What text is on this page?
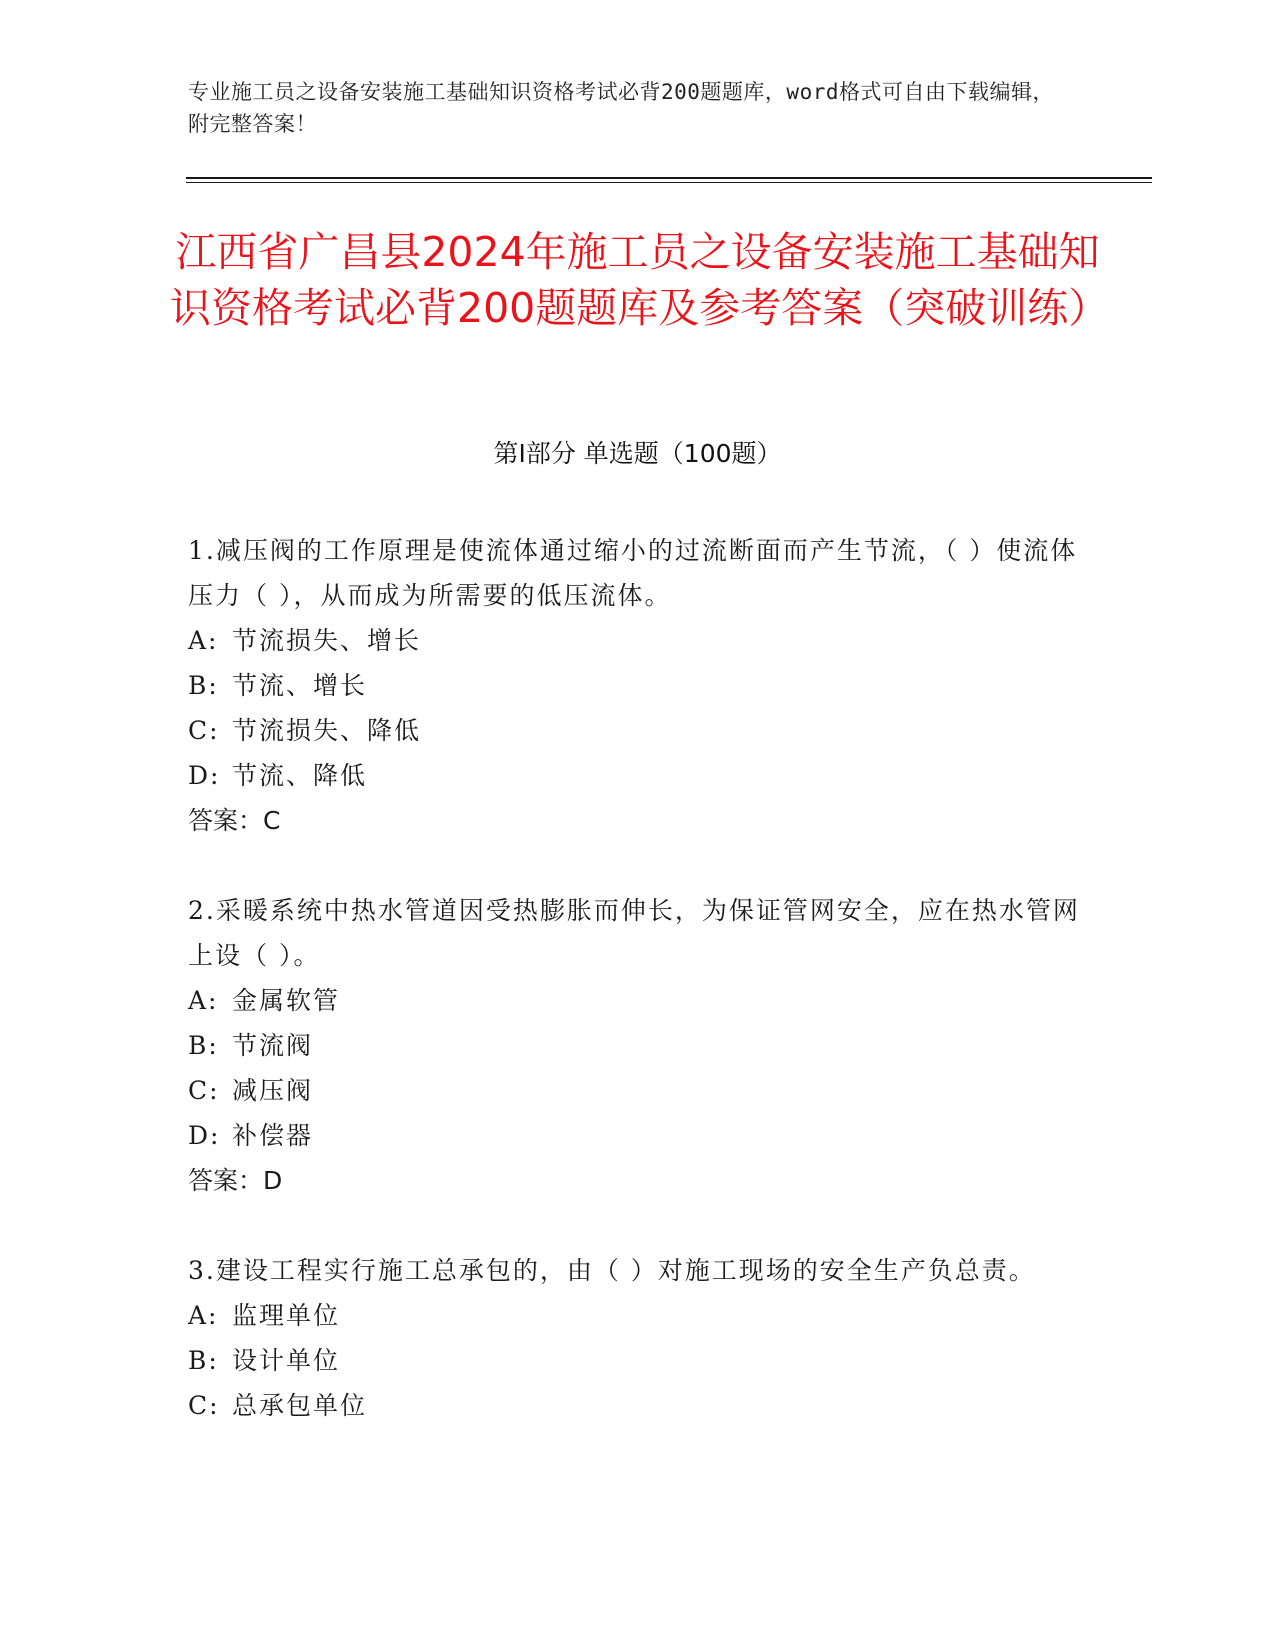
专业施工员之设备安装施工基础知识资格考试必背200题题库，word格式可自由下载编辑，附完整答案！
江西省广昌县2024年施工员之设备安装施工基础知识资格考试必背200题题库及参考答案（突破训练）
第Ⅰ部分 单选题（100题）
1.减压阀的工作原理是使流体通过缩小的过流断面而产生节流，（ ）使流体压力（ ），从而成为所需要的低压流体。
A: 节流损失、增长
B: 节流、增长
C: 节流损失、降低
D: 节流、降低
答案：C
2.采暖系统中热水管道因受热膨胀而伸长，为保证管网安全，应在热水管网上设（ ）。
A: 金属软管
B: 节流阀
C: 减压阀
D: 补偿器
答案：D
3.建设工程实行施工总承包的，由（ ）对施工现场的安全生产负总责。
A: 监理单位
B: 设计单位
C: 总承包单位
